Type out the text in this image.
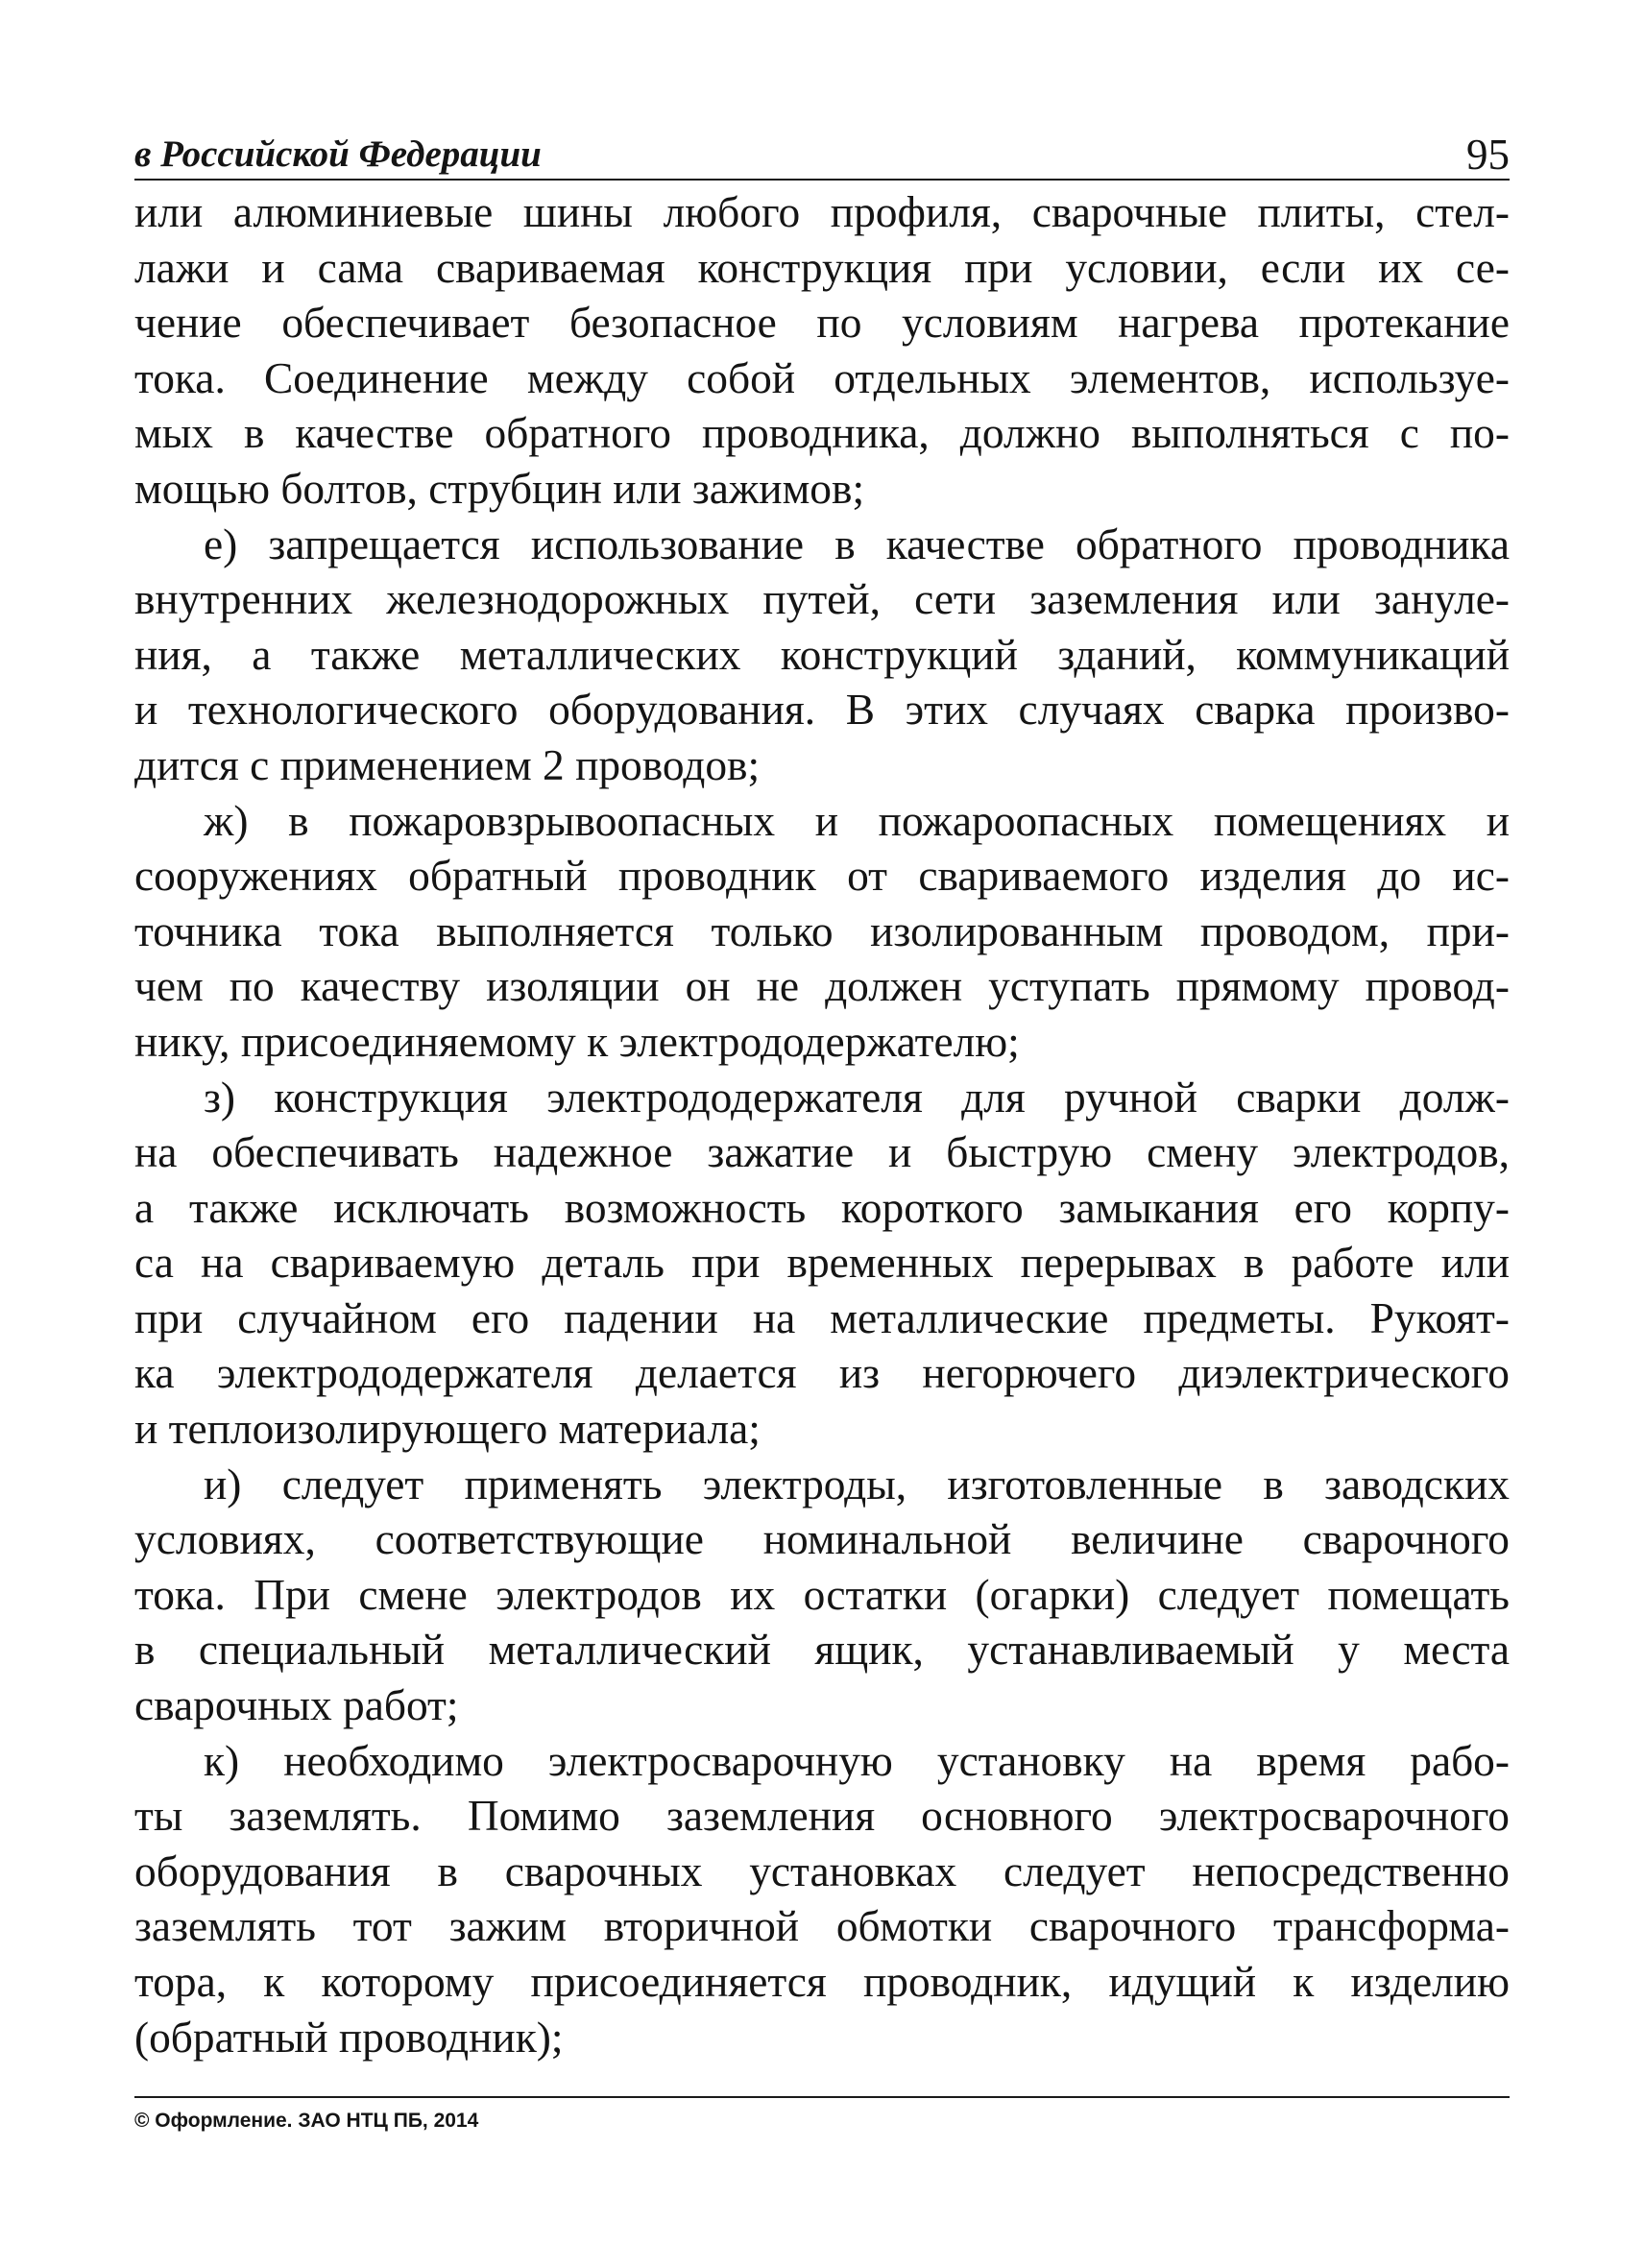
в Российской Федерации	95

или алюминиевые шины любого профиля, сварочные плиты, стел-
лажи и сама свариваемая конструкция при условии, если их се-
чение обеспечивает безопасное по условиям нагрева протекание
тока. Соединение между собой отдельных элементов, используе-
мых в качестве обратного проводника, должно выполняться с по-
мощью болтов, струбцин или зажимов;

е) запрещается использование в качестве обратного проводника
внутренних железнодорожных путей, сети заземления или зануле-
ния, а также металлических конструкций зданий, коммуникаций
и технологического оборудования. В этих случаях сварка произво-
дится с применением 2 проводов;

ж) в пожаровзрывоопасных и пожароопасных помещениях и
сооружениях обратный проводник от свариваемого изделия до ис-
точника тока выполняется только изолированным проводом, при-
чем по качеству изоляции он не должен уступать прямому провод-
нику, присоединяемому к электрододержателю;

з) конструкция электрододержателя для ручной сварки долж-
на обеспечивать надежное зажатие и быструю смену электродов,
а также исключать возможность короткого замыкания его корпу-
са на свариваемую деталь при временных перерывах в работе или
при случайном его падении на металлические предметы. Рукоят-
ка электрододержателя делается из негорючего диэлектрического
и теплоизолирующего материала;

и) следует применять электроды, изготовленные в заводских
условиях, соответствующие номинальной величине сварочного
тока. При смене электродов их остатки (огарки) следует помещать
в специальный металлический ящик, устанавливаемый у места
сварочных работ;

к) необходимо электросварочную установку на время рабо-
ты заземлять. Помимо заземления основного электросварочного
оборудования в сварочных установках следует непосредственно
заземлять тот зажим вторичной обмотки сварочного трансформа-
тора, к которому присоединяется проводник, идущий к изделию
(обратный проводник);

© Оформление. ЗАО НТЦ ПБ, 2014
